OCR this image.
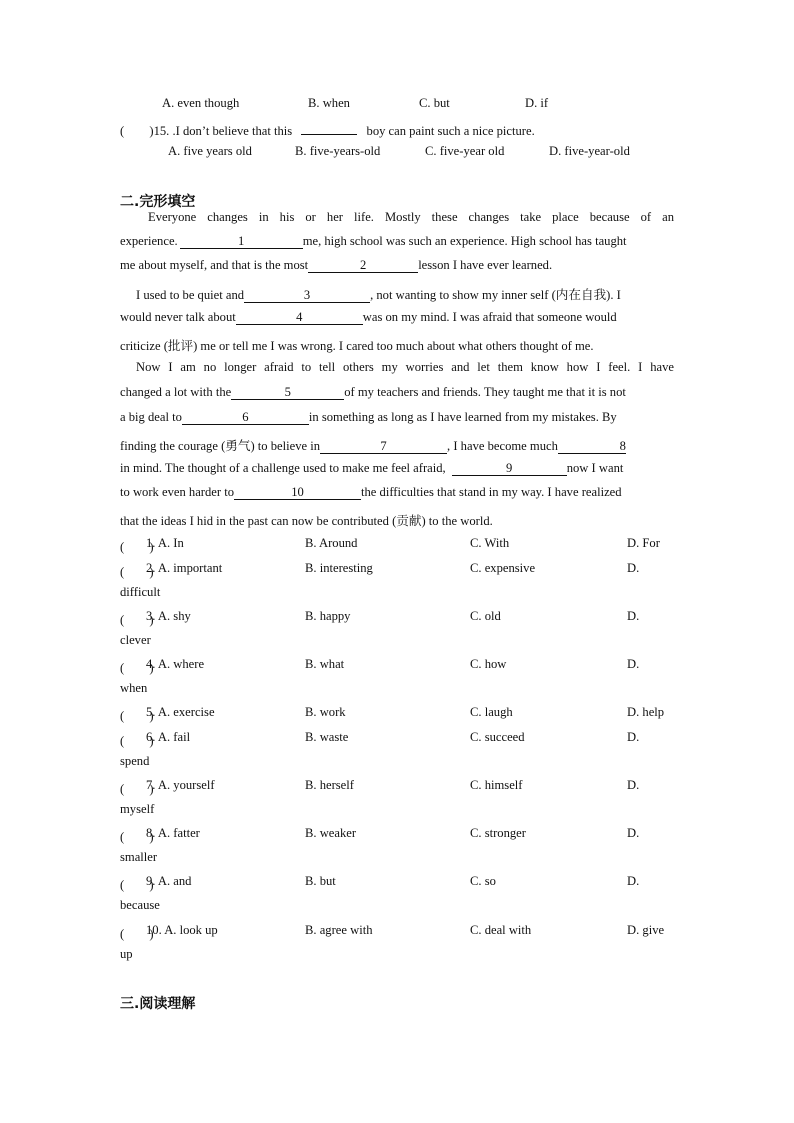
A. even though	B. when	C. but	D. if
(　　)15. .I don’t believe that this	boy can paint such a nice picture.
A. five years old	B. five-years-old	C. five-year old	D. five-year-old
二.完形填空
Everyone changes in his or her life. Mostly these changes take place because of an
experience.	1	me, high school was such an experience. High school has taught
me about myself, and that is the most	2	lesson I have ever learned.
I used to be quiet and	3	, not wanting to show my inner self (内在自我). I
would never talk about	4	was on my mind. I was afraid that someone would
criticize (批评) me or tell me I was wrong. I cared too much about what others thought of me.
Now I am no longer afraid to tell others my worries and let them know how I feel. I have
changed a lot with the	5	of my teachers and friends. They taught me that it is not
a big deal to	6	in something as long as I have learned from my mistakes. By
finding the courage (勇气) to believe in	7	, I have become much	8
in mind. The thought of a challenge used to make me feel afraid,	9	now I want
to work even harder to	10	the difficulties that stand in my way. I have realized
that the ideas I hid in the past can now be contributed (贡献) to the world.
(　　)
1. A. In	B. Around	C. With	D. For
(　　)
2. A. important	B. interesting	C. expensive	D.
difficult
(　　)
3. A. shy	B. happy	C. old	D.
clever
(　　)
4. A. where	B. what	C. how	D.
when
(　　)
5. A. exercise	B. work	C. laugh	D. help
(　　)
6. A. fail	B. waste	C. succeed	D.
spend
(　　)
7. A. yourself	B. herself	C. himself	D.
myself
(　　)
8. A. fatter	B. weaker	C. stronger	D.
smaller
(　　)
9. A. and	B. but	C. so	D.
because
(　　)
10. A. look up	B. agree with	C. deal with	D. give
up
三.阅读理解
